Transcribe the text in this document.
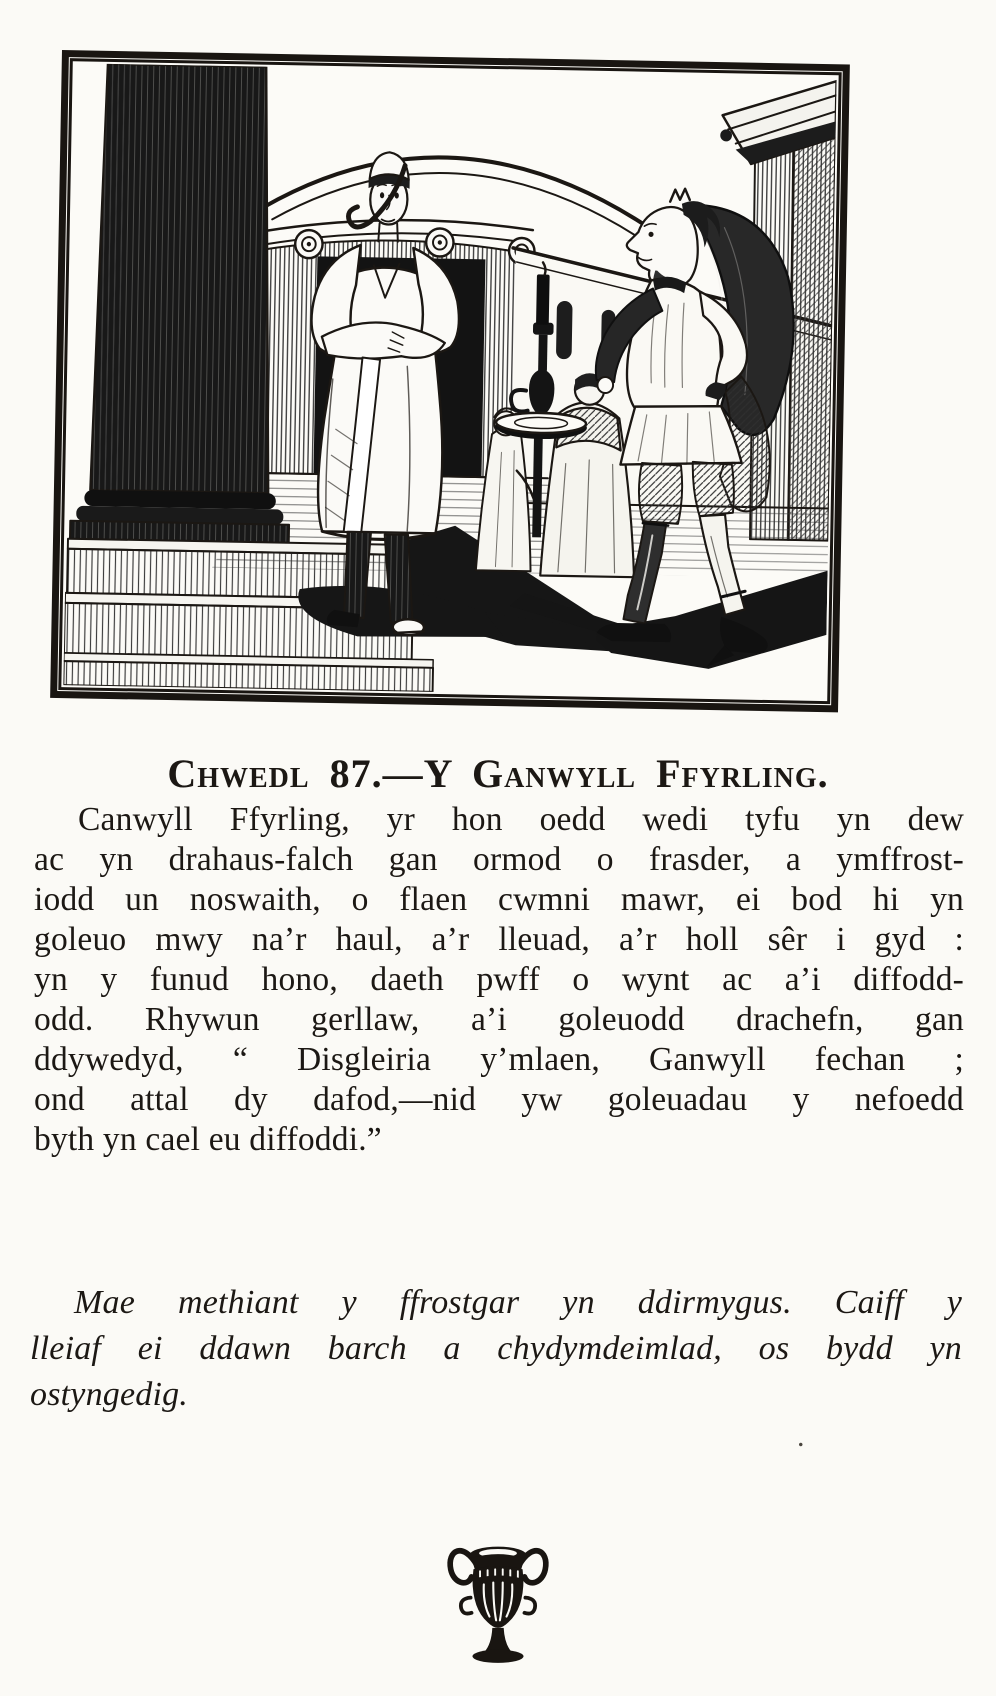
Chwedl 87.—Y Ganwyll Ffyrling.
Canwyll Ffyrling, yr hon oedd wedi tyfu yn dew
ac yn drahaus-falch gan ormod o frasder, a ymffrost-
iodd un noswaith, o flaen cwmni mawr, ei bod hi yn
goleuo mwy na’r haul, a’r lleuad, a’r holl sêr i gyd :
yn y funud hono, daeth pwff o wynt ac a’i diffodd-
odd. Rhywun gerllaw, a’i goleuodd drachefn, gan
ddywedyd, “ Disgleiria y’mlaen, Ganwyll fechan ;
ond attal dy dafod,—nid yw goleuadau y nefoedd
byth yn cael eu diffoddi.”
Mae methiant y ffrostgar yn ddirmygus. Caiff y
lleiaf ei ddawn barch a chydymdeimlad, os bydd yn
ostyngedig.
.
